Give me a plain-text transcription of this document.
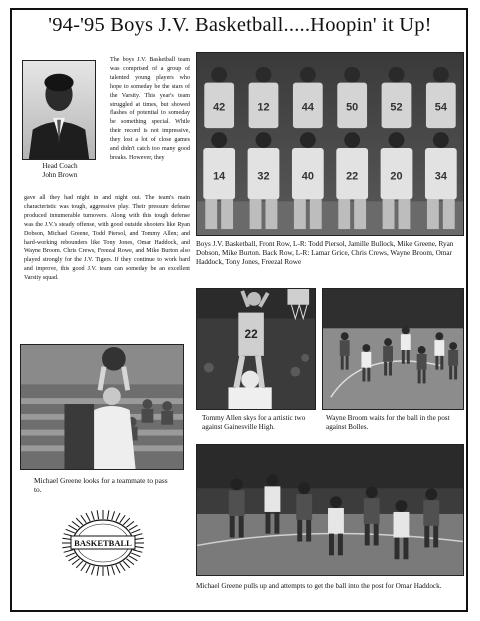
'94-'95 Boys J.V. Basketball.....Hoopin' it Up!
Head Coach
John Brown
The boys J.V. Basketball team was comprised of a group of talented young players who hope to someday be the stars of the Varsity. This year's team struggled at times, but showed flashes of potential to someday be something special. While their record is not impressive, they lost a lot of close games and didn't catch too many good breaks. However, they
gave all they had night in and night out. The team's main characteristic was tough, aggressive play. Their pressure defense produced innumerable turnovers. Along with this tough defense was the J.V.'s steady offense, with good outside shooters like Ryan Dobson, Michael Greene, Todd Piersol, and Tommy Allen; and hard-working rebounders like Tony Jones, Omar Haddock, and Wayne Broom. Chris Crews, Freezal Rowe, and Mike Burton also played strongly for the J.V. Tigers. If they continue to work hard and improve, this good J.V. team can someday be an excellent Varsity squad.
42	12	44	50	52	54
14	32	40	22	20	34
Boys J.V. Basketball, Front Row, L-R: Todd Piersol, Jamille Bullock, Mike Greene, Ryan Dobson, Mike Burton. Back Row, L-R: Lamar Grice, Chris Crews, Wayne Broom, Omar Haddock, Tony Jones, Freezal Rowe
Michael Greene looks for a teammate to pass to.
22
Tommy Allen skys for a artistic two against Gainesville High.
Wayne Broom waits for the ball in the post against Bolles.
Michael Greene pulls up and attempts to get the ball into the post for Omar Haddock.
BASKETBALL
